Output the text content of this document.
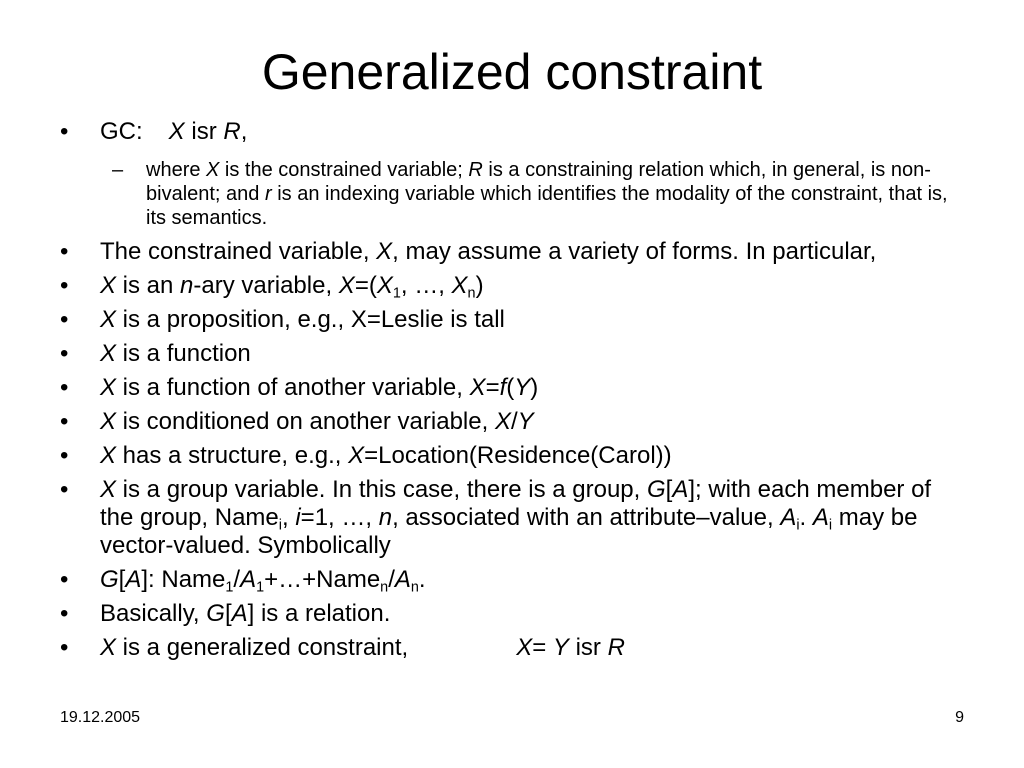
Generalized constraint
• GC: X isr R,
– where X is the constrained variable; R is a constraining relation which, in general, is non-bivalent; and r is an indexing variable which identifies the modality of the constraint, that is, its semantics.
• The constrained variable, X, may assume a variety of forms. In particular,
• X is an n-ary variable, $X=(X_1$, …, $X_n$)
• X is a proposition, e.g., X=Leslie is tall
• X is a function
• X is a function of another variable, X=f(Y)
• X is conditioned on another variable, X/Y
• X has a structure, e.g., X=Location(Residence(Carol))
• X is a group variable. In this case, there is a group, G[A]; with each member of the group, Name$_i$, i=1, …, n, associated with an attribute–value, $A_i$. $A_i$ may be vector-valued. Symbolically
• G[A]: $Name_1/A_1+\dots+Name_n/A_n$.
• Basically, G[A] is a relation.
• X is a generalized constraint,	X= Y isr R
19.12.2005	9
